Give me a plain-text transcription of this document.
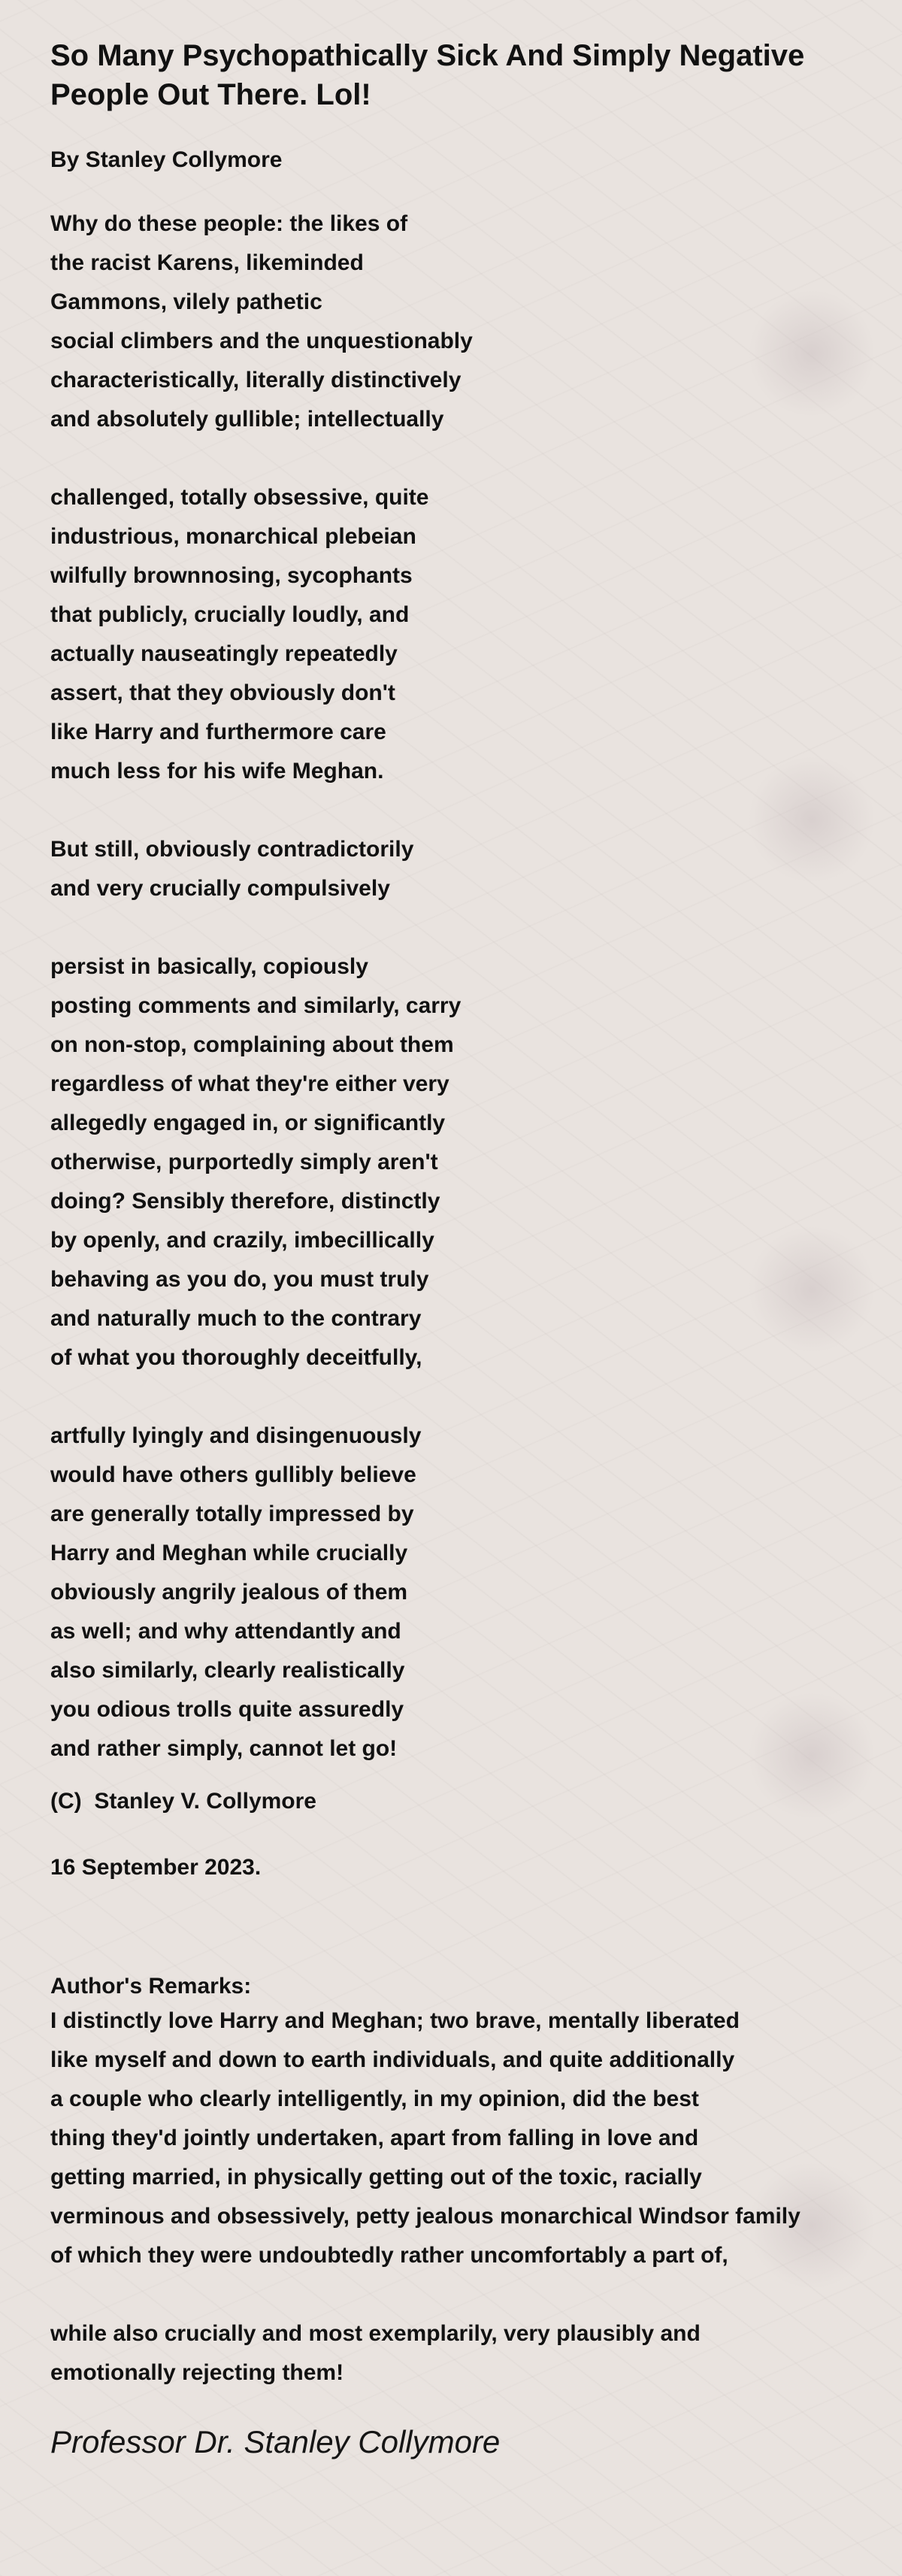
So Many Psychopathically Sick And Simply Negative People Out There. Lol!
By Stanley Collymore
Why do these people: the likes of
the racist Karens, likeminded
Gammons, vilely pathetic
social climbers and the unquestionably
characteristically, literally distinctively
and absolutely gullible; intellectually
challenged, totally obsessive, quite
industrious, monarchical plebeian
wilfully brownnosing, sycophants
that publicly, crucially loudly, and
actually nauseatingly repeatedly
assert, that they obviously don't
like Harry and furthermore care
much less for his wife Meghan.
But still, obviously contradictorily
and very crucially compulsively
persist in basically, copiously
posting comments and similarly, carry
on non-stop, complaining about them
regardless of what they're either very
allegedly engaged in, or significantly
otherwise, purportedly simply aren't
doing? Sensibly therefore, distinctly
by openly, and crazily, imbecillically
behaving as you do, you must truly
and naturally much to the contrary
of what you thoroughly deceitfully,
artfully lyingly and disingenuously
would have others gullibly believe
are generally totally impressed by
Harry and Meghan while crucially
obviously angrily jealous of them
as well; and why attendantly and
also similarly, clearly realistically
you odious trolls quite assuredly
and rather simply, cannot let go!
(C)  Stanley V. Collymore
16 September 2023.
Author's Remarks:
I distinctly love Harry and Meghan; two brave, mentally liberated
like myself and down to earth individuals, and quite additionally
a couple who clearly intelligently, in my opinion, did the best
thing they'd jointly undertaken, apart from falling in love and
getting married, in physically getting out of the toxic, racially
verminous and obsessively, petty jealous monarchical Windsor family
of which they were undoubtedly rather uncomfortably a part of,
while also crucially and most exemplarily, very plausibly and
emotionally rejecting them!
Professor Dr. Stanley Collymore
